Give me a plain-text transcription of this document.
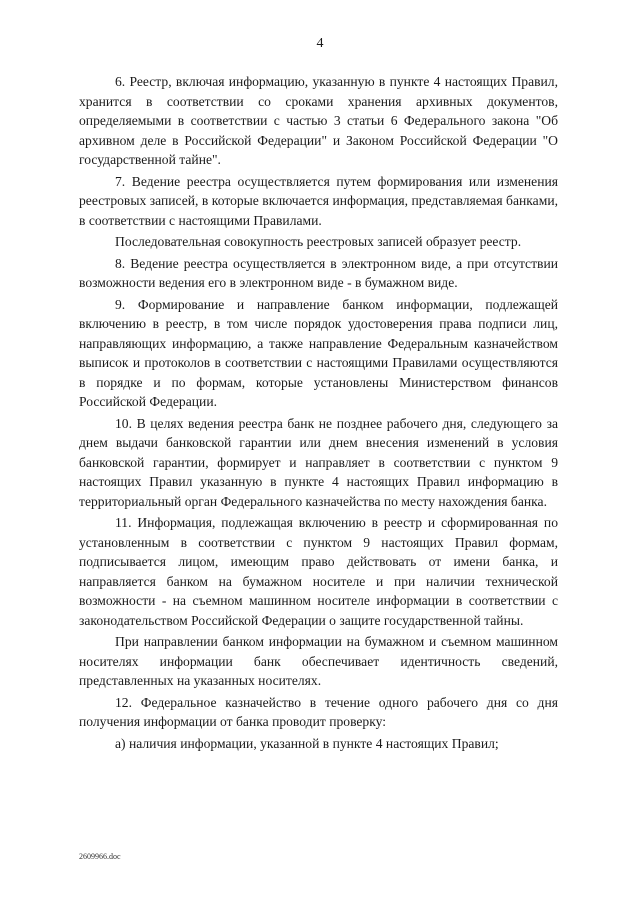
4

6. Реестр, включая информацию, указанную в пункте 4 настоящих Правил, хранится в соответствии со сроками хранения архивных документов, определяемыми в соответствии с частью 3 статьи 6 Федерального закона "Об архивном деле в Российской Федерации" и Законом Российской Федерации "О государственной тайне".

7. Ведение реестра осуществляется путем формирования или изменения реестровых записей, в которые включается информация, представляемая банками, в соответствии с настоящими Правилами.

Последовательная совокупность реестровых записей образует реестр.

8. Ведение реестра осуществляется в электронном виде, а при отсутствии возможности ведения его в электронном виде - в бумажном виде.

9. Формирование и направление банком информации, подлежащей включению в реестр, в том числе порядок удостоверения права подписи лиц, направляющих информацию, а также направление Федеральным казначейством выписок и протоколов в соответствии с настоящими Правилами осуществляются в порядке и по формам, которые установлены Министерством финансов Российской Федерации.

10. В целях ведения реестра банк не позднее рабочего дня, следующего за днем выдачи банковской гарантии или днем внесения изменений в условия банковской гарантии, формирует и направляет в соответствии с пунктом 9 настоящих Правил указанную в пункте 4 настоящих Правил информацию в территориальный орган Федерального казначейства по месту нахождения банка.

11. Информация, подлежащая включению в реестр и сформированная по установленным в соответствии с пунктом 9 настоящих Правил формам, подписывается лицом, имеющим право действовать от имени банка, и направляется банком на бумажном носителе и при наличии технической возможности - на съемном машинном носителе информации в соответствии с законодательством Российской Федерации о защите государственной тайны.

При направлении банком информации на бумажном и съемном машинном носителях информации банк обеспечивает идентичность сведений, представленных на указанных носителях.

12. Федеральное казначейство в течение одного рабочего дня со дня получения информации от банка проводит проверку:

а) наличия информации, указанной в пункте 4 настоящих Правил;

2609966.doc
